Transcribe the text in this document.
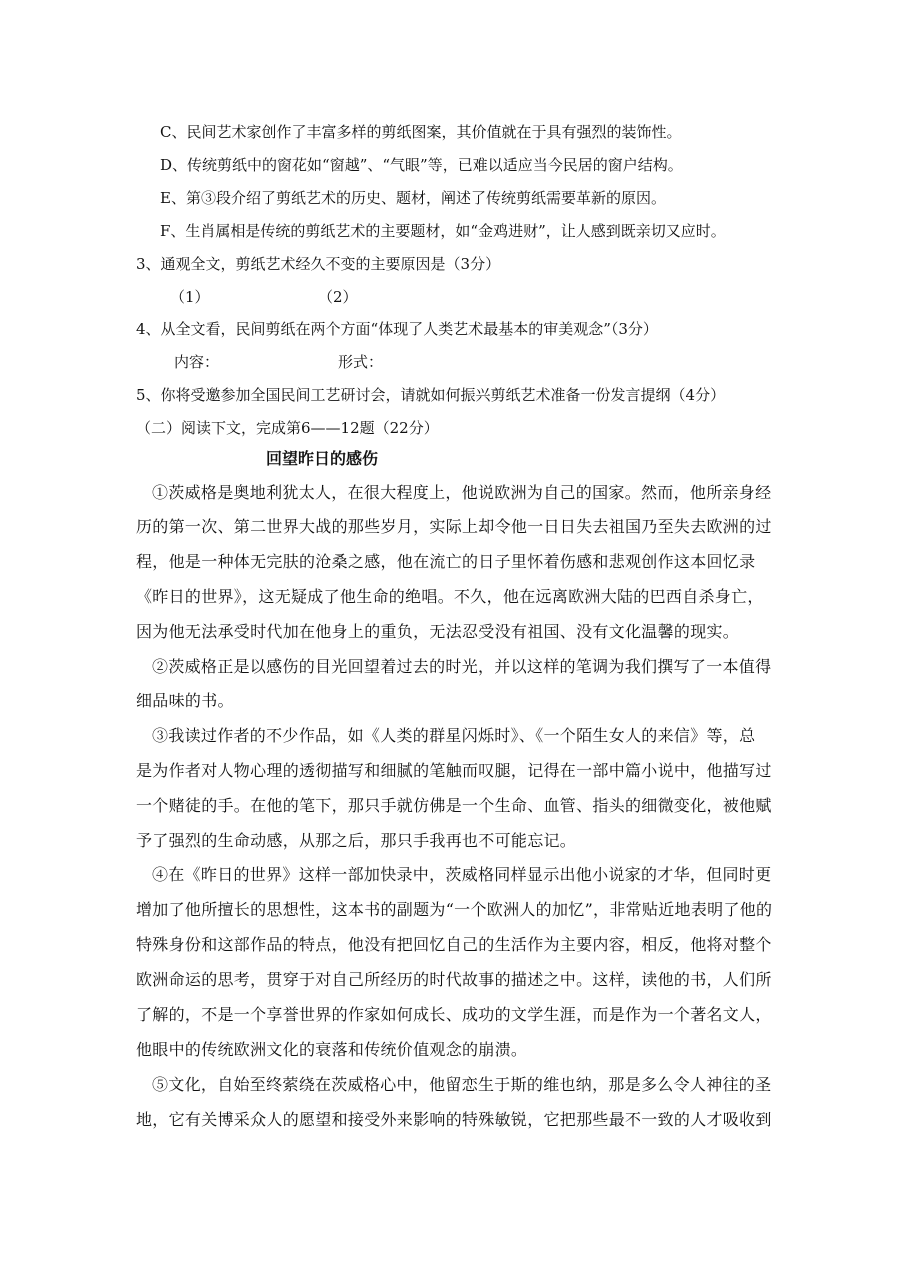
C、民间艺术家创作了丰富多样的剪纸图案，其价值就在于具有强烈的装饰性。
D、传统剪纸中的窗花如“窗越”、“气眼”等，已难以适应当今民居的窗户结构。
E、第③段介绍了剪纸艺术的历史、题材，阐述了传统剪纸需要革新的原因。
F、生肖属相是传统的剪纸艺术的主要题材，如“金鸡进财”，让人感到既亲切又应时。
3、通观全文，剪纸艺术经久不变的主要原因是（3分）
（1）	（2）
4、从全文看，民间剪纸在两个方面“体现了人类艺术最基本的审美观念”（3分）
内容：	形式：
5、你将受邀参加全国民间工艺研讨会，请就如何振兴剪纸艺术准备一份发言提纲（4分）
（二）阅读下文，完成第6——12题（22分）
回望昨日的感伤
①茨威格是奥地利犹太人，在很大程度上，他说欧洲为自己的国家。然而，他所亲身经
历的第一次、第二世界大战的那些岁月，实际上却令他一日日失去祖国乃至失去欧洲的过
程，他是一种体无完肤的沧桑之感，他在流亡的日子里怀着伤感和悲观创作这本回忆录
《昨日的世界》，这无疑成了他生命的绝唱。不久，他在远离欧洲大陆的巴西自杀身亡，
因为他无法承受时代加在他身上的重负，无法忍受没有祖国、没有文化温馨的现实。
②茨威格正是以感伤的目光回望着过去的时光，并以这样的笔调为我们撰写了一本值得
细品味的书。
③我读过作者的不少作品，如《人类的群星闪烁时》、《一个陌生女人的来信》等，总
是为作者对人物心理的透彻描写和细腻的笔触而叹腿，记得在一部中篇小说中，他描写过
一个赌徒的手。在他的笔下，那只手就仿佛是一个生命、血管、指头的细微变化，被他赋
予了强烈的生命动感，从那之后，那只手我再也不可能忘记。
④在《昨日的世界》这样一部加快录中，茨威格同样显示出他小说家的才华，但同时更
增加了他所擅长的思想性，这本书的副题为“一个欧洲人的加忆”，非常贴近地表明了他的
特殊身份和这部作品的特点，他没有把回忆自己的生活作为主要内容，相反，他将对整个
欧洲命运的思考，贯穿于对自己所经历的时代故事的描述之中。这样，读他的书，人们所
了解的，不是一个享誉世界的作家如何成长、成功的文学生涯，而是作为一个著名文人，
他眼中的传统欧洲文化的衰落和传统价值观念的崩溃。
⑤文化，自始至终萦绕在茨威格心中，他留恋生于斯的维也纳，那是多么令人神往的圣
地，它有关博采众人的愿望和接受外来影响的特殊敏锐，它把那些最不一致的人才吸收到
